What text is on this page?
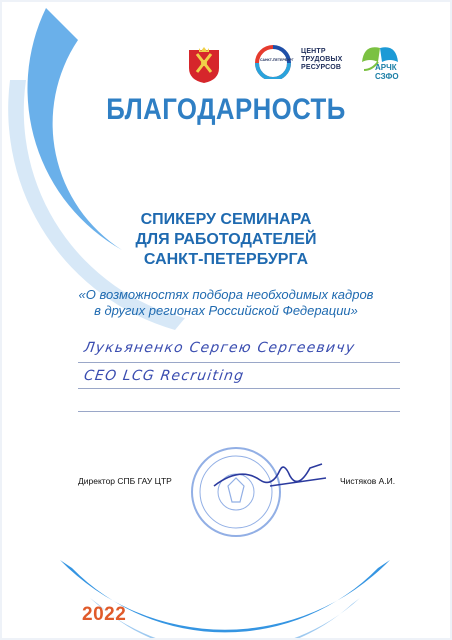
САНКТ-ПЕТЕРБУРГ
ЦЕНТР
ТРУДОВЫХ
РЕСУРСОВ	АРЧК
СЗФО
БЛАГОДАРНОСТЬ
СПИКЕРУ СЕМИНАРА
ДЛЯ РАБОТОДАТЕЛЕЙ
САНКТ-ПЕТЕРБУРГА
«О возможностях подбора необходимых кадров
в других регионах Российской Федерации»
Лукьяненко Сергею Сергеевичу
CEO LCG Recruiting
Директор СПБ ГАУ ЦТР	Чистяков А.И.
2022
